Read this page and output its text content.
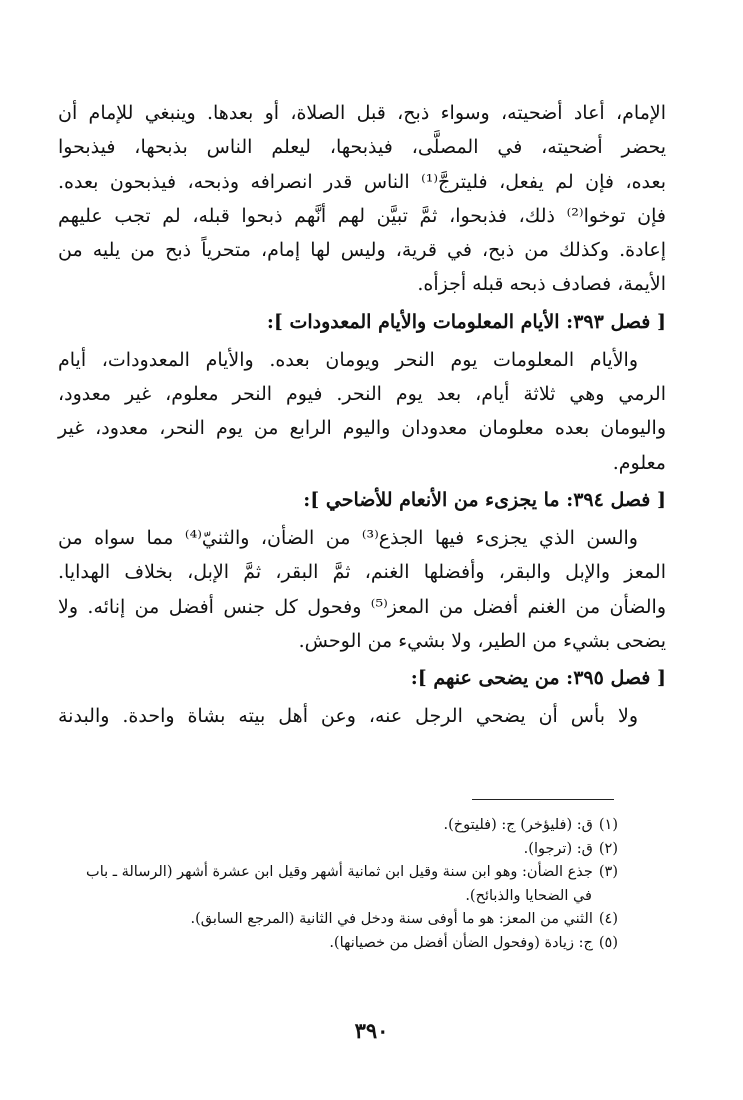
الإمام، أعاد أضحيته، وسواء ذبح، قبل الصلاة، أو بعدها. وينبغي للإمام أن
يحضر أضحيته، في المصلَّى، فيذبحها، ليعلم الناس بذبحها، فيذبحوا
بعده، فإن لم يفعل، فليترجَّ⁽¹⁾ الناس قدر انصرافه وذبحه، فيذبحون بعده.
فإن توخوا⁽²⁾ ذلك، فذبحوا، ثمَّ تبيَّن لهم أنَّهم ذبحوا قبله، لم تجب عليهم
إعادة. وكذلك من ذبح، في قرية، وليس لها إمام، متحرياً ذبح من يليه من
الأيمة، فصادف ذبحه قبله أجزأه.

[ فصل ٣٩٣: الأيام المعلومات والأيام المعدودات ]:

والأيام المعلومات يوم النحر ويومان بعده. والأيام المعدودات، أيام
الرمي وهي ثلاثة أيام، بعد يوم النحر. فيوم النحر معلوم، غير معدود،
واليومان بعده معلومان معدودان واليوم الرابع من يوم النحر، معدود، غير
معلوم.

[ فصل ٣٩٤: ما يجزىء من الأنعام للأضاحي ]:

والسن الذي يجزىء فيها الجذع⁽³⁾ من الضأن، والثنيّ⁽⁴⁾ مما سواه من
المعز والإبل والبقر، وأفضلها الغنم، ثمَّ البقر، ثمَّ الإبل، بخلاف الهدايا.
والضأن من الغنم أفضل من المعز⁽⁵⁾ وفحول كل جنس أفضل من إنائه. ولا
يضحى بشيء من الطير، ولا بشيء من الوحش.

[ فصل ٣٩٥: من يضحى عنهم ]:

ولا بأس أن يضحي الرجل عنه، وعن أهل بيته بشاة واحدة. والبدنة

(١)ق: (فليؤخر) ج: (فليتوخ).

(٢)ق: (ترجوا).

(٣)جذع الضأن: وهو ابن سنة وقيل ابن ثمانية أشهر وقيل ابن عشرة أشهر (الرسالة ـ باب
في الضحايا والذبائح).

(٤)الثني من المعز: هو ما أوفى سنة ودخل في الثانية (المرجع السابق).

(٥)ج: زيادة (وفحول الضأن أفضل من خصيانها).

٣٩٠
